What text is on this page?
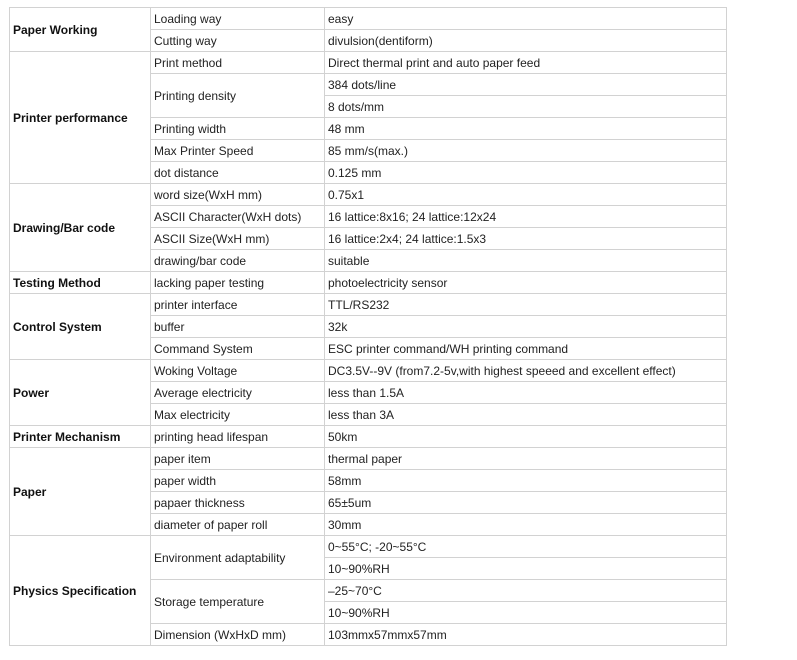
Paper Working	Loading way	easy
	Cutting way	divulsion(dentiform)
Printer performance	Print method	Direct thermal print and auto paper feed
	Printing density	384 dots/line
		8 dots/mm
	Printing width	48 mm
	Max Printer Speed	85 mm/s(max.)
	dot distance	0.125 mm
Drawing/Bar code	word size(WxH mm)	0.75x1
	ASCII Character(WxH dots)	16 lattice:8x16; 24 lattice:12x24
	ASCII Size(WxH mm)	16 lattice:2x4; 24 lattice:1.5x3
	drawing/bar code	suitable
Testing Method	lacking paper testing	photoelectricity sensor
Control System	printer interface	TTL/RS232
	buffer	32k
	Command System	ESC printer command/WH printing command
Power	Woking Voltage	DC3.5V--9V (from7.2-5v,with highest speeed and excellent effect)
	Average electricity	less than 1.5A
	Max electricity	less than 3A
Printer Mechanism	printing head lifespan	50km
Paper	paper item	thermal paper
	paper width	58mm
	papaer thickness	65±5um
	diameter of paper roll	30mm
Physics Specification	Environment adaptability	0~55°C; -20~55°C
		10~90%RH
	Storage temperature	–25~70°C
		10~90%RH
	Dimension (WxHxD mm)	103mmx57mmx57mm
